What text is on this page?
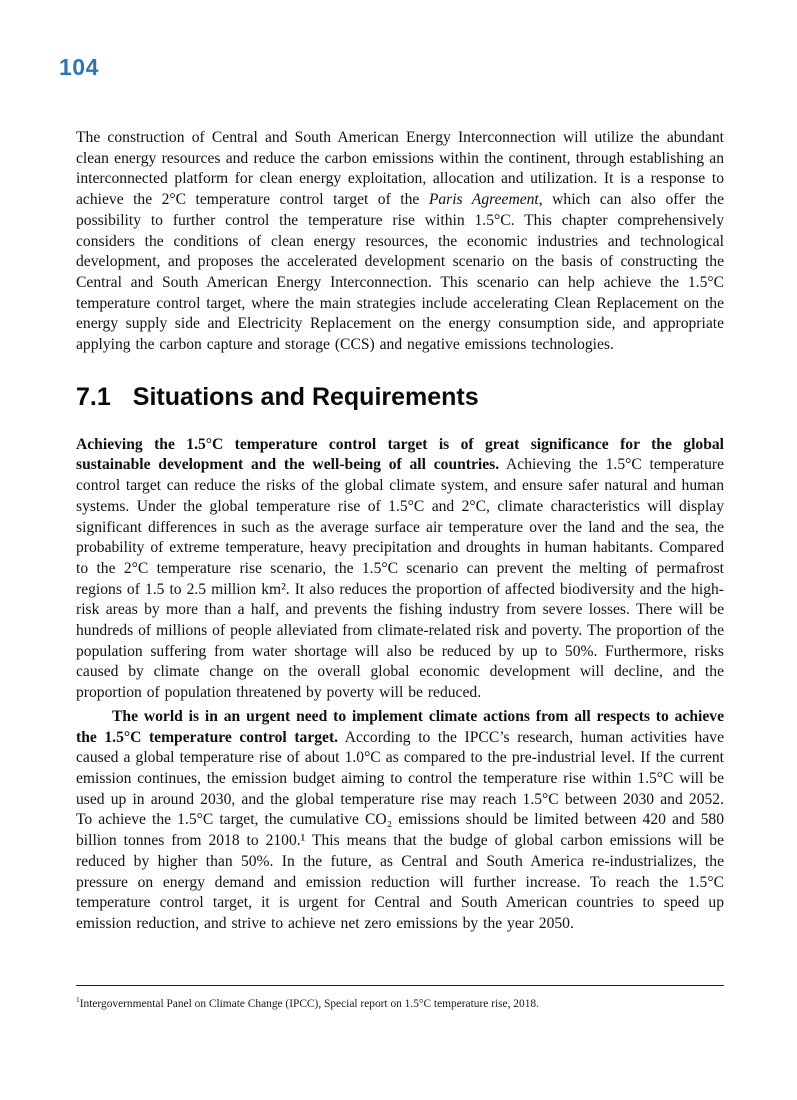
104

The construction of Central and South American Energy Interconnection will utilize the abundant clean energy resources and reduce the carbon emissions within the continent, through establishing an interconnected platform for clean energy exploitation, allocation and utilization. It is a response to achieve the 2°C temperature control target of the Paris Agreement, which can also offer the possibility to further control the temperature rise within 1.5°C. This chapter comprehensively considers the conditions of clean energy resources, the economic industries and technological development, and proposes the accelerated development scenario on the basis of constructing the Central and South American Energy Interconnection. This scenario can help achieve the 1.5°C temperature control target, where the main strategies include accelerating Clean Replacement on the energy supply side and Electricity Replacement on the energy consumption side, and appropriate applying the carbon capture and storage (CCS) and negative emissions technologies.

7.1 Situations and Requirements

Achieving the 1.5°C temperature control target is of great significance for the global sustainable development and the well-being of all countries. Achieving the 1.5°C temperature control target can reduce the risks of the global climate system, and ensure safer natural and human systems. Under the global temperature rise of 1.5°C and 2°C, climate characteristics will display significant differences in such as the average surface air temperature over the land and the sea, the probability of extreme temperature, heavy precipitation and droughts in human habitants. Compared to the 2°C temperature rise scenario, the 1.5°C scenario can prevent the melting of permafrost regions of 1.5 to 2.5 million km². It also reduces the proportion of affected biodiversity and the high-risk areas by more than a half, and prevents the fishing industry from severe losses. There will be hundreds of millions of people alleviated from climate-related risk and poverty. The proportion of the population suffering from water shortage will also be reduced by up to 50%. Furthermore, risks caused by climate change on the overall global economic development will decline, and the proportion of population threatened by poverty will be reduced.

The world is in an urgent need to implement climate actions from all respects to achieve the 1.5°C temperature control target. According to the IPCC’s research, human activities have caused a global temperature rise of about 1.0°C as compared to the pre-industrial level. If the current emission continues, the emission budget aiming to control the temperature rise within 1.5°C will be used up in around 2030, and the global temperature rise may reach 1.5°C between 2030 and 2052. To achieve the 1.5°C target, the cumulative CO₂ emissions should be limited between 420 and 580 billion tonnes from 2018 to 2100.¹ This means that the budge of global carbon emissions will be reduced by higher than 50%. In the future, as Central and South America re-industrializes, the pressure on energy demand and emission reduction will further increase. To reach the 1.5°C temperature control target, it is urgent for Central and South American countries to speed up emission reduction, and strive to achieve net zero emissions by the year 2050.

$^1$Intergovernmental Panel on Climate Change (IPCC), Special report on 1.5°C temperature rise, 2018.
